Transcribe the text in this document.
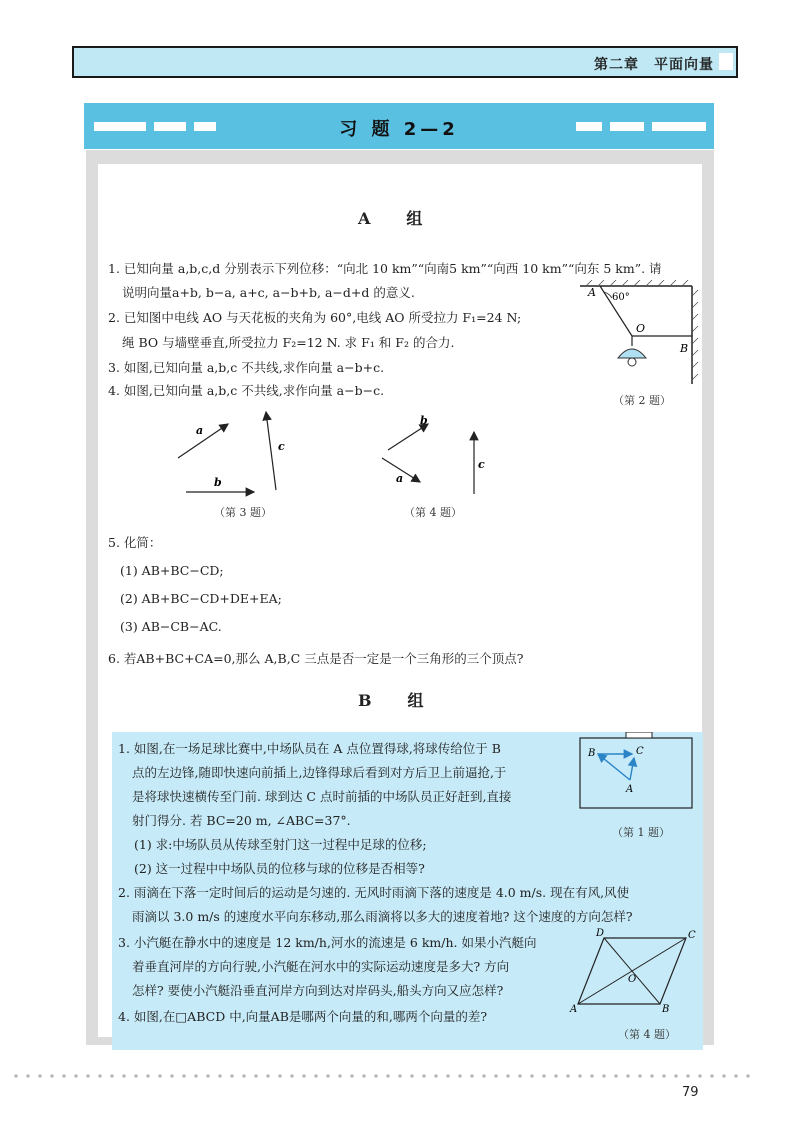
第二章　平面向量
习 题 2—2
A　组
1. 已知向量 a,b,c,d 分别表示下列位移：“向北 10 km”“向南5 km”“向西 10 km”“向东 5 km”. 请
说明向量a+b, b−a, a+c, a−b+b, a−d+d 的意义.
2. 已知图中电线 AO 与天花板的夹角为 60°,电线 AO 所受拉力 F₁=24 N;
绳 BO 与墙壁垂直,所受拉力 F₂=12 N. 求 F₁ 和 F₂ 的合力.
3. 如图,已知向量 a,b,c 不共线,求作向量 a−b+c.
4. 如图,已知向量 a,b,c 不共线,求作向量 a−b−c.
A 60°
O
B
（第 2 题）
a
c
b
（第 3 题）
b
a
c
（第 4 题）
5. 化简：
(1) AB+BC−CD;
(2) AB+BC−CD+DE+EA;
(3) AB−CB−AC.
6. 若AB+BC+CA=0,那么 A,B,C 三点是否一定是一个三角形的三个顶点?
B　组
1. 如图,在一场足球比赛中,中场队员在 A 点位置得球,将球传给位于 B
点的左边锋,随即快速向前插上,边锋得球后看到对方后卫上前逼抢,于
是将球快速横传至门前. 球到达 C 点时前插的中场队员正好赶到,直接
射门得分. 若 BC=20 m, ∠ABC=37°.
(1) 求:中场队员从传球至射门这一过程中足球的位移;
(2) 这一过程中中场队员的位移与球的位移是否相等?
B	C
A
（第 1 题）
2. 雨滴在下落一定时间后的运动是匀速的. 无风时雨滴下落的速度是 4.0 m/s. 现在有风,风使
雨滴以 3.0 m/s 的速度水平向东移动,那么雨滴将以多大的速度着地? 这个速度的方向怎样?
3. 小汽艇在静水中的速度是 12 km/h,河水的流速是 6 km/h. 如果小汽艇向
着垂直河岸的方向行驶,小汽艇在河水中的实际运动速度是多大? 方向
怎样? 要使小汽艇沿垂直河岸方向到达对岸码头,船头方向又应怎样?
4. 如图,在□ABCD 中,向量AB是哪两个向量的和,哪两个向量的差?	A	B
C
D
O
（第 4 题）
79
